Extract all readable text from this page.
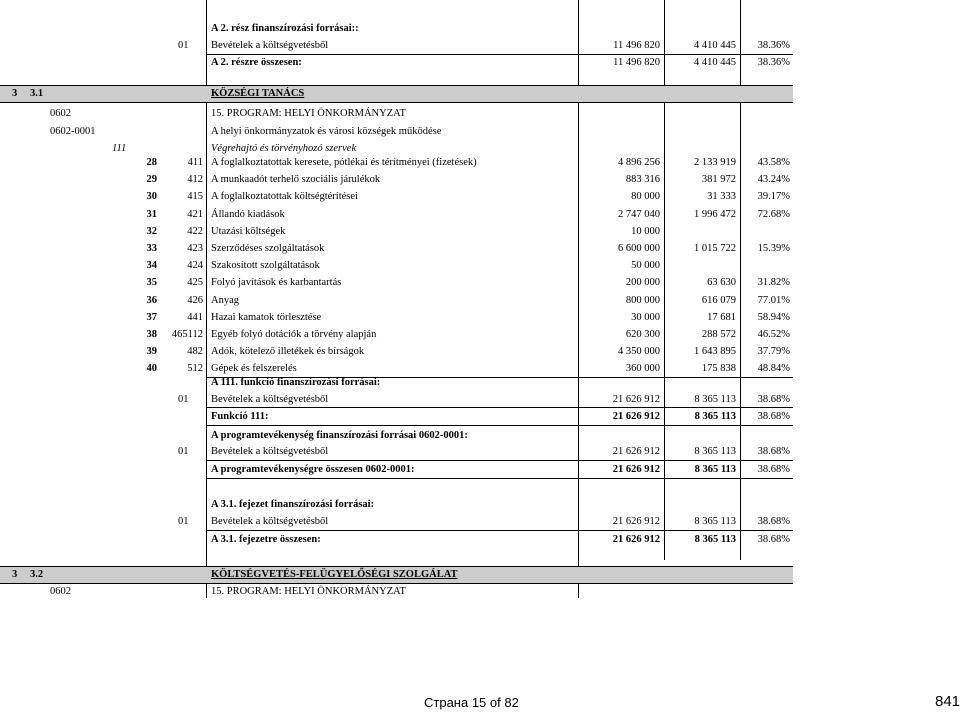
A 2. rész finanszírozási forrásai::
01 Bevételek a költségvetésből	11 496 820	4 410 445	38.36%
A 2. részre összesen:	11 496 820	4 410 445	38.36%
3 3.1	KÖZSÉGI TANÁCS
0602	15. PROGRAM: HELYI ÖNKORMÁNYZAT
0602-0001	A helyi önkormányzatok és városi községek működése
111	Végrehajtó és törvényhozó szervek
28	411 A foglalkoztatottak keresete, pótlékai és térítményei (fizetések)	4 896 256	2 133 919	43.58%
29	412 A munkaadót terhelő szociális járulékok	883 316	381 972	43.24%
30	415 A foglalkoztatottak költségtérítései	80 000	31 333	39.17%
31	421 Állandó kiadások	2 747 040	1 996 472	72.68%
32	422 Utazási költségek	10 000
33	423 Szerződéses szolgáltatások	6 600 000	1 015 722	15.39%
34	424 Szakosított szolgáltatások	50 000
35	425 Folyó javítások és karbantartás	200 000	63 630	31.82%
36	426 Anyag	800 000	616 079	77.01%
37	441 Hazai kamatok törlesztése	30 000	17 681	58.94%
38	465112 Egyéb folyó dotációk a törvény alapján	620 300	288 572	46.52%
39	482 Adók, kötelező illetékek és bírságok	4 350 000	1 643 895	37.79%
40	512 Gépek és felszerelés	360 000	175 838	48.84%
A 111. funkció finanszírozási forrásai:
01 Bevételek a költségvetésből	21 626 912	8 365 113	38.68%
Funkció 111:	21 626 912	8 365 113	38.68%
A programtevékenység finanszírozási forrásai 0602-0001:
01 Bevételek a költségvetésből	21 626 912	8 365 113	38.68%
A programtevékenységre összesen 0602-0001:	21 626 912	8 365 113	38.68%
A 3.1. fejezet finanszírozási forrásai:
01 Bevételek a költségvetésből	21 626 912	8 365 113	38.68%
A 3.1. fejezetre összesen:	21 626 912	8 365 113	38.68%
3 3.2	KÖLTSÉGVETÉS-FELÜGYELŐSÉGI SZOLGÁLAT
0602	15. PROGRAM: HELYI ÖNKORMÁNYZAT
Страна 15 of 82	841
